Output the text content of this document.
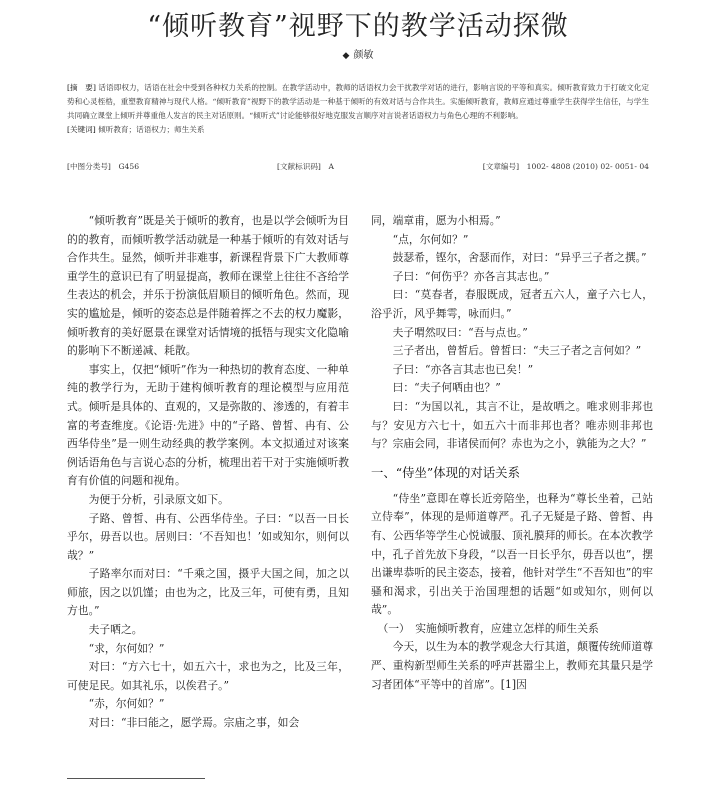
“倾听教育”视野下的教学活动探微
◆ 颜敏
[摘　要] 话语即权力，话语在社会中受到各种权力关系的控制。在教学活动中，教师的话语权力会干扰教学对话的进行，影响言说的平等和真实。倾听教育致力于打破文化定势和心灵桎梏，重塑教育精神与现代人格。“倾听教育”视野下的教学活动是一种基于倾听的有效对话与合作共生。实施倾听教育，教师应通过尊重学生获得学生信任，与学生共同确立课堂上倾听并尊重他人发言的民主对话原则。“倾听式”讨论能够很好地克服发言顺序对言说者话语权力与角色心理的不利影响。
[关键词] 倾听教育；话语权力；师生关系
[中图分类号]　G456	[文献标识码]　A	[文章编号]　1002- 4808 (2010) 02- 0051- 04

“倾听教育”既是关于倾听的教育，也是以学会倾听为目的的教育，而倾听教学活动就是一种基于倾听的有效对话与合作共生。显然，倾听并非难事，新课程背景下广大教师尊重学生的意识已有了明显提高，教师在课堂上往往不吝给学生表达的机会，并乐于扮演低眉顺目的倾听角色。然而，现实的尴尬是，倾听的姿态总是伴随着挥之不去的权力魔影，倾听教育的美好愿景在课堂对话情境的抵牾与现实文化隐喻的影响下不断递减、耗散。

事实上，仅把“倾听”作为一种热切的教育态度、一种单纯的教学行为，无助于建构倾听教育的理论模型与应用范式。倾听是具体的、直观的，又是弥散的、渗透的，有着丰富的考查维度。《论语·先进》中的“子路、曾皙、冉有、公西华侍坐”是一则生动经典的教学案例。本文拟通过对该案例话语角色与言说心态的分析，梳理出若干对于实施倾听教育有价值的问题和视角。

为便于分析，引录原文如下。

子路、曾皙、冉有、公西华侍坐。子曰：“以吾一日长乎尔，毋吾以也。居则曰：‘不吾知也！’如或知尔，则何以哉？”

子路率尔而对曰：“千乘之国，摄乎大国之间，加之以师旅，因之以饥馑；由也为之，比及三年，可使有勇，且知方也。”

夫子哂之。

“求，尔何如？”

对曰：“方六七十，如五六十，求也为之，比及三年，可使足民。如其礼乐，以俟君子。”

“赤，尔何如？”

对曰：“非曰能之，愿学焉。宗庙之事，如会

同，端章甫，愿为小相焉。”

“点，尔何如？”

鼓瑟希，铿尔，舍瑟而作，对曰：“异乎三子者之撰。”

子曰：“何伤乎？亦各言其志也。”

曰：“莫春者，春服既成，冠者五六人，童子六七人，浴乎沂，风乎舞雩，咏而归。”

夫子喟然叹曰：“吾与点也。”

三子者出，曾皙后。曾皙曰：“夫三子者之言何如？”

子曰：“亦各言其志也已矣！”

曰：“夫子何哂由也？”

曰：“为国以礼，其言不让，是故哂之。唯求则非邦也与？安见方六七十，如五六十而非邦也者？唯赤则非邦也与？宗庙会同，非诸侯而何？赤也为之小，孰能为之大？”

一、“侍坐”体现的对话关系

“侍坐”意即在尊长近旁陪坐，也释为“尊长坐着，己站立侍奉”，体现的是师道尊严。孔子无疑是子路、曾皙、冉有、公西华等学生心悦诚服、顶礼膜拜的师长。在本次教学中，孔子首先放下身段，“以吾一日长乎尔，毋吾以也”，摆出谦卑恭听的民主姿态，接着，他针对学生“不吾知也”的牢骚和渴求，引出关于治国理想的话题“如或知尔，则何以哉”。

（一）　实施倾听教育，应建立怎样的师生关系

今天，以生为本的教学观念大行其道，颠覆传统师道尊严、重构新型师生关系的呼声甚嚣尘上，教师充其量只是学习者团体“平等中的首席”。[1]因
